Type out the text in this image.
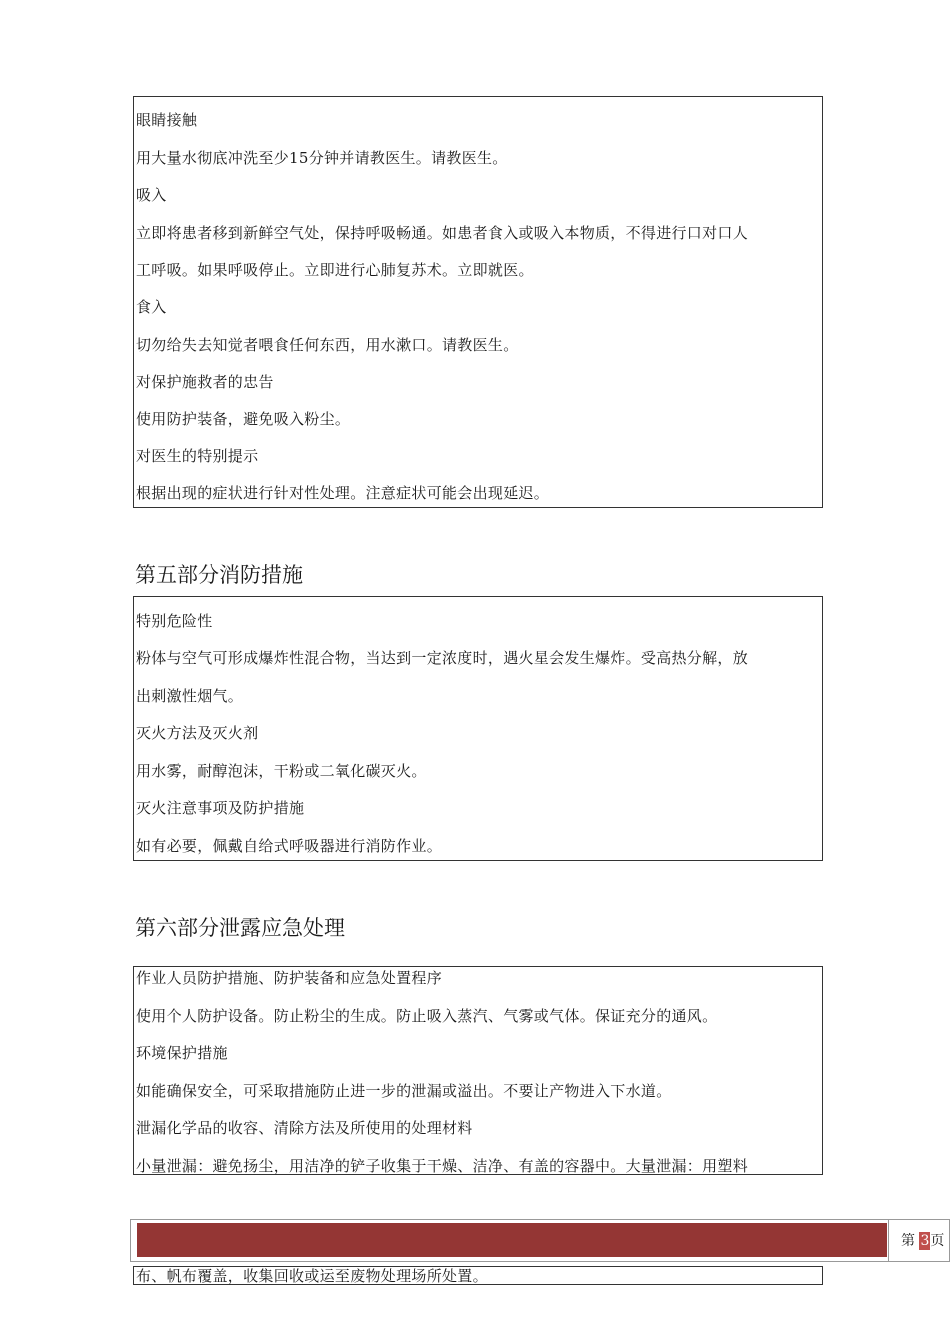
眼睛接触
用大量水彻底冲洗至少15分钟并请教医生。请教医生。
吸入
立即将患者移到新鲜空气处，保持呼吸畅通。如患者食入或吸入本物质，不得进行口对口人
工呼吸。如果呼吸停止。立即进行心肺复苏术。立即就医。
食入
切勿给失去知觉者喂食任何东西，用水漱口。请教医生。
对保护施救者的忠告
使用防护装备，避免吸入粉尘。
对医生的特别提示
根据出现的症状进行针对性处理。注意症状可能会出现延迟。
第五部分消防措施
特别危险性
粉体与空气可形成爆炸性混合物，当达到一定浓度时，遇火星会发生爆炸。受高热分解，放
出刺激性烟气。
灭火方法及灭火剂
用水雾，耐醇泡沫，干粉或二氧化碳灭火。
灭火注意事项及防护措施
如有必要，佩戴自给式呼吸器进行消防作业。
第六部分泄露应急处理
作业人员防护措施、防护装备和应急处置程序
使用个人防护设备。防止粉尘的生成。防止吸入蒸汽、气雾或气体。保证充分的通风。
环境保护措施
如能确保安全，可采取措施防止进一步的泄漏或溢出。不要让产物进入下水道。
泄漏化学品的收容、清除方法及所使用的处理材料
小量泄漏：避免扬尘，用洁净的铲子收集于干燥、洁净、有盖的容器中。大量泄漏：用塑料
第 3页
布、帆布覆盖，收集回收或运至废物处理场所处置。
